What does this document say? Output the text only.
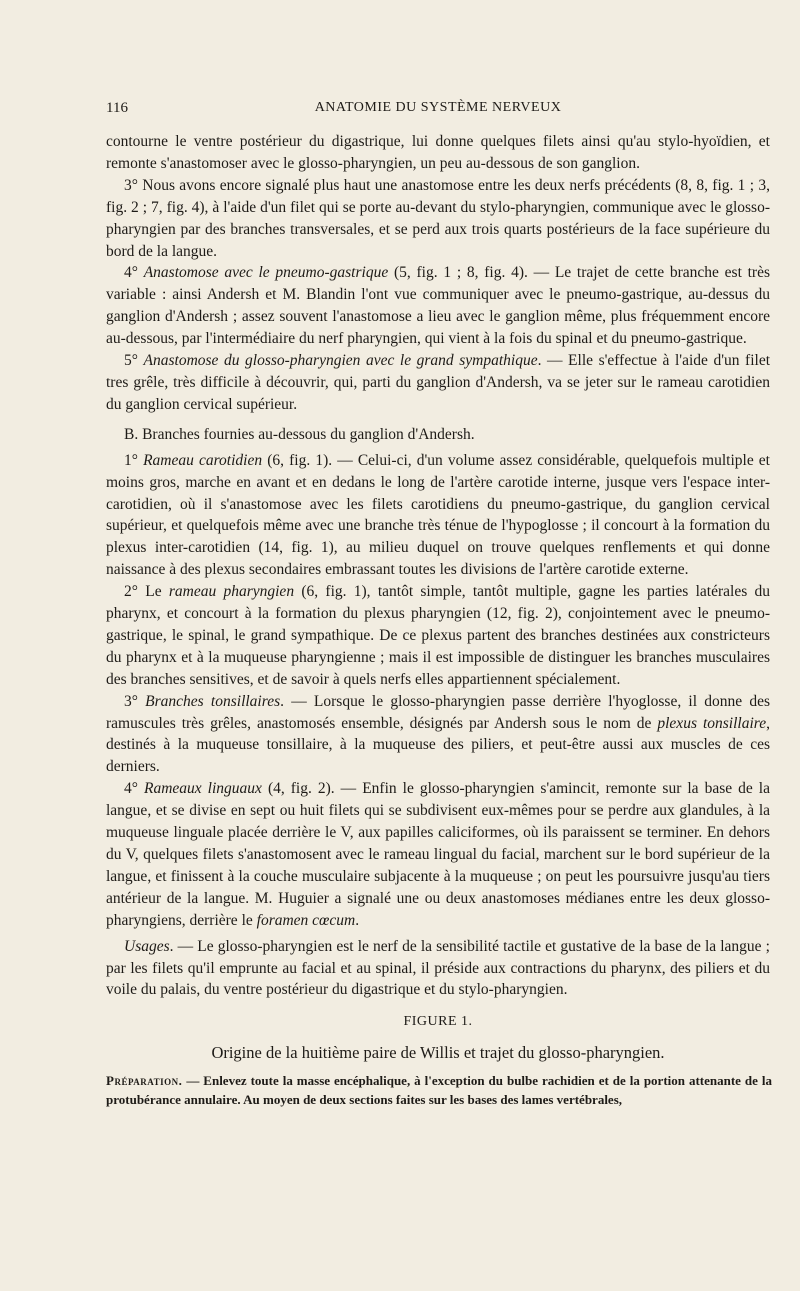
116	ANATOMIE DU SYSTÈME NERVEUX

contourne le ventre postérieur du digastrique, lui donne quelques filets ainsi qu'au stylo-hyoïdien, et remonte s'anastomoser avec le glosso-pharyngien, un peu au-dessous de son ganglion.

3° Nous avons encore signalé plus haut une anastomose entre les deux nerfs précédents (8, 8, fig. 1 ; 3, fig. 2 ; 7, fig. 4), à l'aide d'un filet qui se porte au-devant du stylo-pharyngien, communique avec le glosso-pharyngien par des branches transversales, et se perd aux trois quarts postérieurs de la face supérieure du bord de la langue.

4° Anastomose avec le pneumo-gastrique (5, fig. 1 ; 8, fig. 4). — Le trajet de cette branche est très variable : ainsi Andersh et M. Blandin l'ont vue communiquer avec le pneumo-gastrique, au-dessus du ganglion d'Andersh ; assez souvent l'anastomose a lieu avec le ganglion même, plus fréquemment encore au-dessous, par l'intermédiaire du nerf pharyngien, qui vient à la fois du spinal et du pneumo-gastrique.

5° Anastomose du glosso-pharyngien avec le grand sympathique. — Elle s'effectue à l'aide d'un filet tres grêle, très difficile à découvrir, qui, parti du ganglion d'Andersh, va se jeter sur le rameau carotidien du ganglion cervical supérieur.

B. Branches fournies au-dessous du ganglion d'Andersh.

1° Rameau carotidien (6, fig. 1). — Celui-ci, d'un volume assez considérable, quelquefois multiple et moins gros, marche en avant et en dedans le long de l'artère carotide interne, jusque vers l'espace inter-carotidien, où il s'anastomose avec les filets carotidiens du pneumo-gastrique, du ganglion cervical supérieur, et quelquefois même avec une branche très ténue de l'hypoglosse ; il concourt à la formation du plexus inter-carotidien (14, fig. 1), au milieu duquel on trouve quelques renflements et qui donne naissance à des plexus secondaires embrassant toutes les divisions de l'artère carotide externe.

2° Le rameau pharyngien (6, fig. 1), tantôt simple, tantôt multiple, gagne les parties latérales du pharynx, et concourt à la formation du plexus pharyngien (12, fig. 2), conjointement avec le pneumo-gastrique, le spinal, le grand sympathique. De ce plexus partent des branches destinées aux constricteurs du pharynx et à la muqueuse pharyngienne ; mais il est impossible de distinguer les branches musculaires des branches sensitives, et de savoir à quels nerfs elles appartiennent spécialement.

3° Branches tonsillaires. — Lorsque le glosso-pharyngien passe derrière l'hyoglosse, il donne des ramuscules très grêles, anastomosés ensemble, désignés par Andersh sous le nom de plexus tonsillaire, destinés à la muqueuse tonsillaire, à la muqueuse des piliers, et peut-être aussi aux muscles de ces derniers.

4° Rameaux linguaux (4, fig. 2). — Enfin le glosso-pharyngien s'amincit, remonte sur la base de la langue, et se divise en sept ou huit filets qui se subdivisent eux-mêmes pour se perdre aux glandules, à la muqueuse linguale placée derrière le V, aux papilles caliciformes, où ils paraissent se terminer. En dehors du V, quelques filets s'anastomosent avec le rameau lingual du facial, marchent sur le bord supérieur de la langue, et finissent à la couche musculaire subjacente à la muqueuse ; on peut les poursuivre jusqu'au tiers antérieur de la langue. M. Huguier a signalé une ou deux anastomoses médianes entre les deux glosso-pharyngiens, derrière le foramen cœcum.

Usages. — Le glosso-pharyngien est le nerf de la sensibilité tactile et gustative de la base de la langue ; par les filets qu'il emprunte au facial et au spinal, il préside aux contractions du pharynx, des piliers et du voile du palais, du ventre postérieur du digastrique et du stylo-pharyngien.

FIGURE 1.
Origine de la huitième paire de Willis et trajet du glosso-pharyngien.
Préparation. — Enlevez toute la masse encéphalique, à l'exception du bulbe rachidien et de la portion attenante de la protubérance annulaire. Au moyen de deux sections faites sur les bases des lames vertébrales,
